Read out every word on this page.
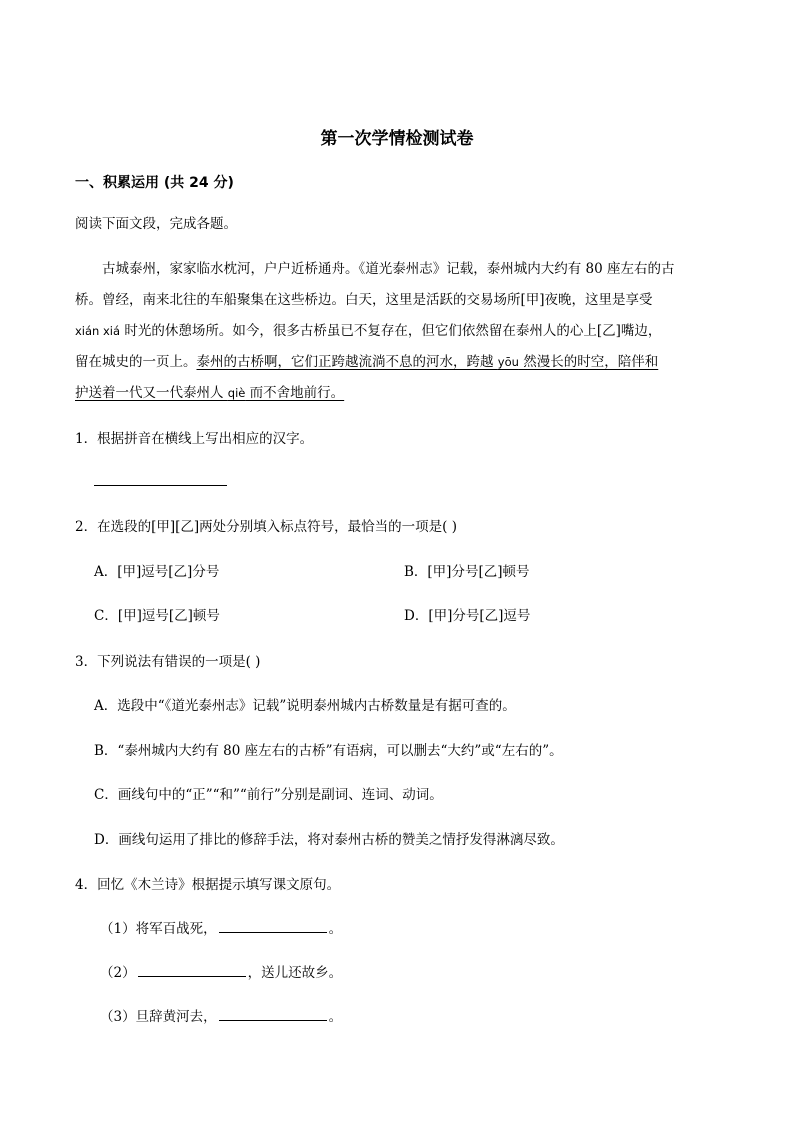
第一次学情检测试卷
一、积累运用 (共 24 分)
阅读下面文段，完成各题。
古城泰州，家家临水枕河，户户近桥通舟。《道光泰州志》记载，泰州城内大约有 80 座左右的古
桥。曾经，南来北往的车船聚集在这些桥边。白天，这里是活跃的交易场所[甲]夜晚，这里是享受
xián xiá 时光的休憩场所。如今，很多古桥虽已不复存在，但它们依然留在泰州人的心上[乙]嘴边，
留在城史的一页上。泰州的古桥啊，它们正跨越流淌不息的河水，跨越 yōu 然漫长的时空，陪伴和
护送着一代又一代泰州人 qiè 而不舍地前行。
1．根据拼音在横线上写出相应的汉字。
2．在选段的[甲][乙]两处分别填入标点符号，最恰当的一项是( )
A．[甲]逗号[乙]分号	B．[甲]分号[乙]顿号
C．[甲]逗号[乙]顿号	D．[甲]分号[乙]逗号
3．下列说法有错误的一项是( )
A．选段中“《道光泰州志》记载”说明泰州城内古桥数量是有据可查的。
B．“泰州城内大约有 80 座左右的古桥”有语病，可以删去“大约”或“左右的”。
C．画线句中的“正”“和”“前行”分别是副词、连词、动词。
D．画线句运用了排比的修辞手法，将对泰州古桥的赞美之情抒发得淋漓尽致。
4．回忆《木兰诗》根据提示填写课文原句。
（1）将军百战死，	。
（2）	，送儿还故乡。
（3）旦辞黄河去，	。
